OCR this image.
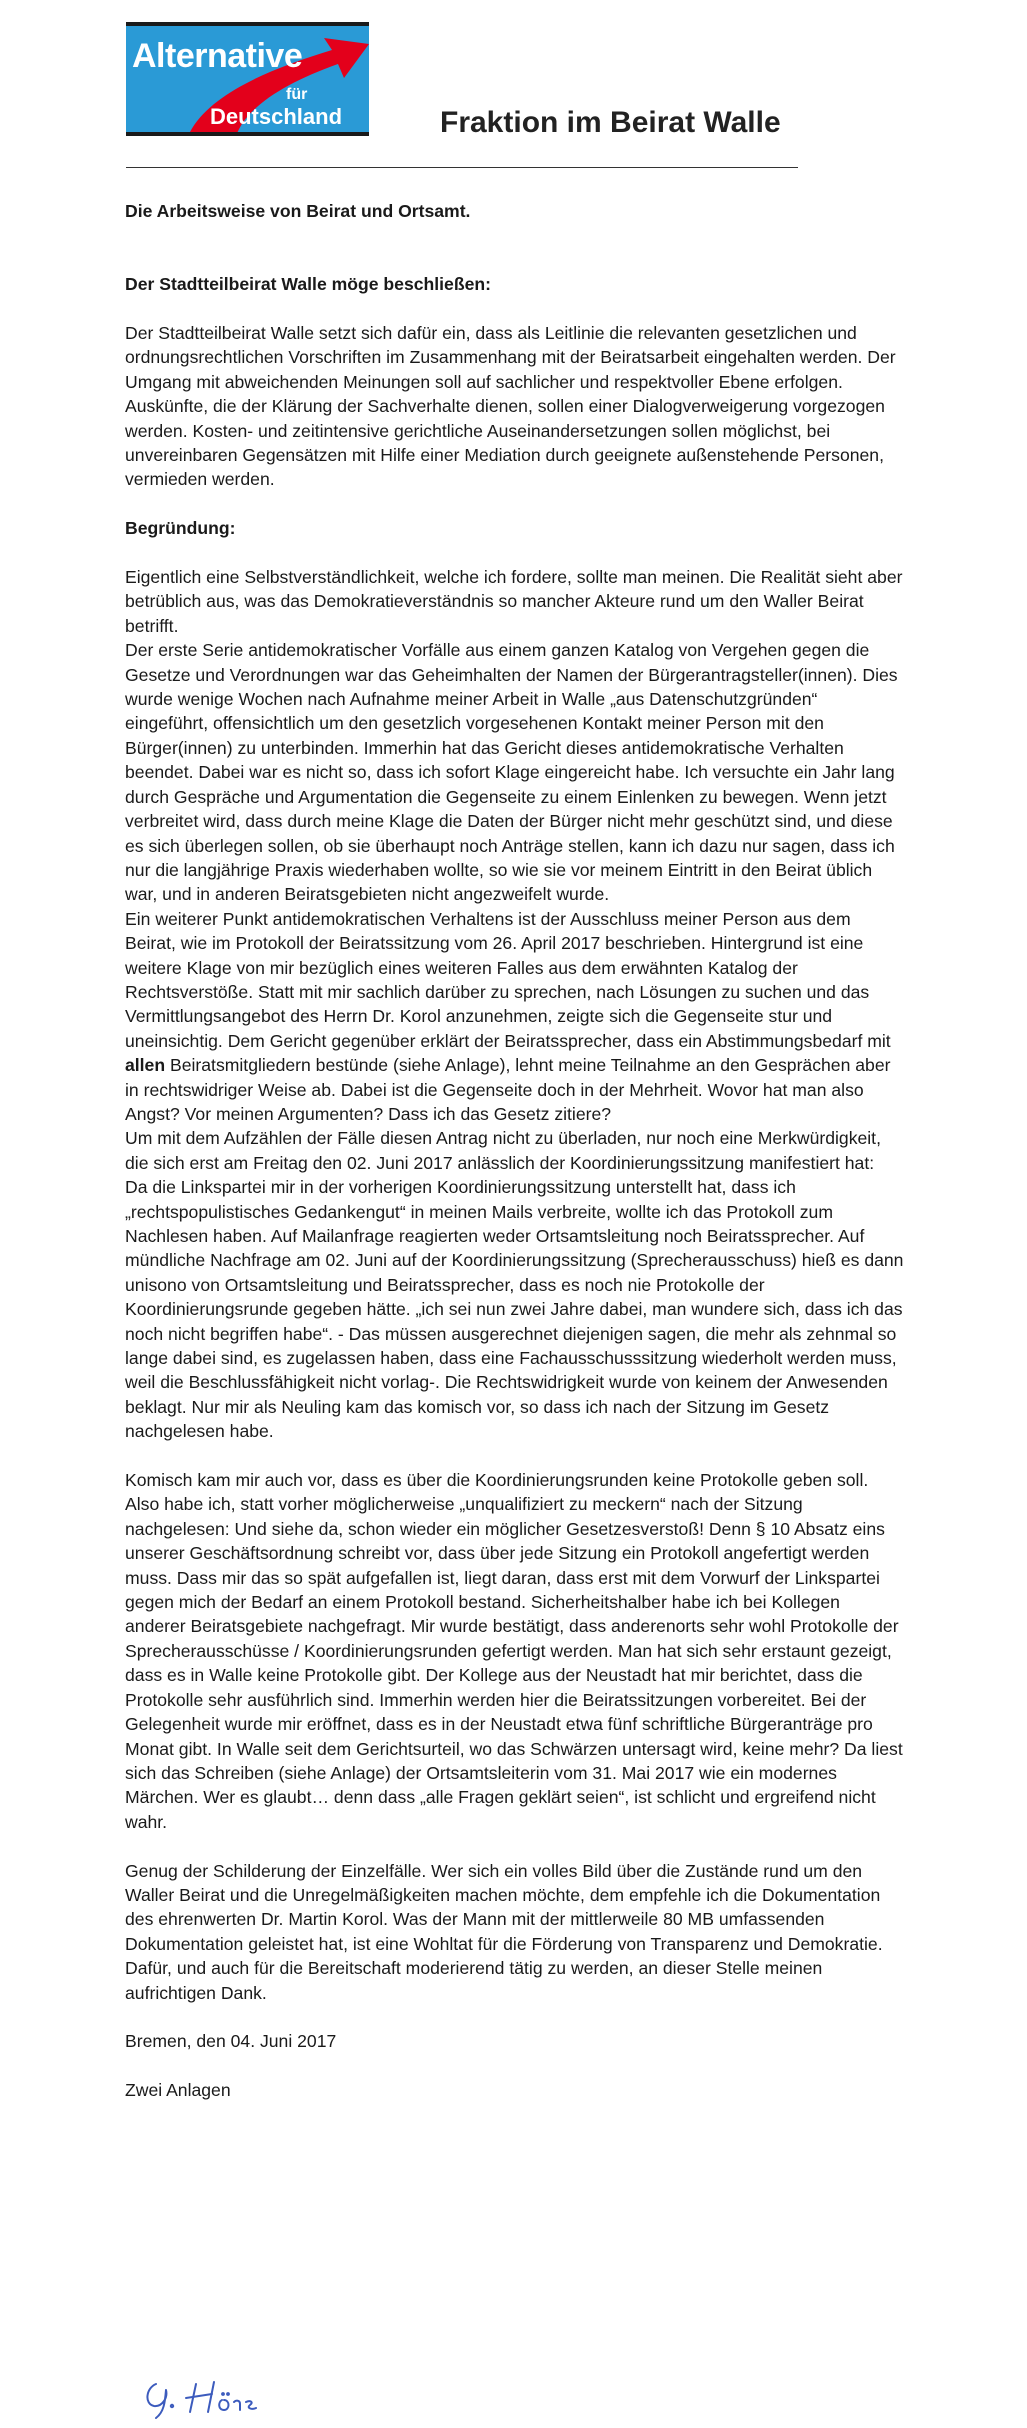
Alternative
für
Deutschland	Fraktion im Beirat Walle

Die Arbeitsweise von Beirat und Ortsamt.

Der Stadtteilbeirat Walle möge beschließen:

Der Stadtteilbeirat Walle setzt sich dafür ein, dass als Leitlinie die relevanten gesetzlichen und ordnungsrechtlichen Vorschriften im Zusammenhang mit der Beiratsarbeit eingehalten werden. Der Umgang mit abweichenden Meinungen soll auf sachlicher und respektvoller Ebene erfolgen. Auskünfte, die der Klärung der Sachverhalte dienen, sollen einer Dialogverweigerung vorgezogen werden. Kosten- und zeitintensive gerichtliche Auseinandersetzungen sollen möglichst, bei unvereinbaren Gegensätzen mit Hilfe einer Mediation durch geeignete außenstehende Personen, vermieden werden.

Begründung:

Eigentlich eine Selbstverständlichkeit, welche ich fordere, sollte man meinen. Die Realität sieht aber betrüblich aus, was das Demokratieverständnis so mancher Akteure rund um den Waller Beirat betrifft.

Der erste Serie antidemokratischer Vorfälle aus einem ganzen Katalog von Vergehen gegen die Gesetze und Verordnungen war das Geheimhalten der Namen der Bürgerantragsteller(innen). Dies wurde wenige Wochen nach Aufnahme meiner Arbeit in Walle „aus Datenschutzgründen“ eingeführt, offensichtlich um den gesetzlich vorgesehenen Kontakt meiner Person mit den Bürger(innen) zu unterbinden. Immerhin hat das Gericht dieses antidemokratische Verhalten beendet. Dabei war es nicht so, dass ich sofort Klage eingereicht habe. Ich versuchte ein Jahr lang durch Gespräche und Argumentation die Gegenseite zu einem Einlenken zu bewegen. Wenn jetzt verbreitet wird, dass durch meine Klage die Daten der Bürger nicht mehr geschützt sind, und diese es sich überlegen sollen, ob sie überhaupt noch Anträge stellen, kann ich dazu nur sagen, dass ich nur die langjährige Praxis wiederhaben wollte, so wie sie vor meinem Eintritt in den Beirat üblich war, und in anderen Beiratsgebieten nicht angezweifelt wurde.

Ein weiterer Punkt antidemokratischen Verhaltens ist der Ausschluss meiner Person aus dem Beirat, wie im Protokoll der Beiratssitzung vom 26. April 2017 beschrieben. Hintergrund ist eine weitere Klage von mir bezüglich eines weiteren Falles aus dem erwähnten Katalog der Rechtsverstöße. Statt mit mir sachlich darüber zu sprechen, nach Lösungen zu suchen und das Vermittlungsangebot des Herrn Dr. Korol anzunehmen, zeigte sich die Gegenseite stur und uneinsichtig. Dem Gericht gegenüber erklärt der Beiratssprecher, dass ein Abstimmungsbedarf mit allen Beiratsmitgliedern bestünde (siehe Anlage), lehnt meine Teilnahme an den Gesprächen aber in rechtswidriger Weise ab. Dabei ist die Gegenseite doch in der Mehrheit. Wovor hat man also Angst? Vor meinen Argumenten? Dass ich das Gesetz zitiere?

Um mit dem Aufzählen der Fälle diesen Antrag nicht zu überladen, nur noch eine Merkwürdigkeit, die sich erst am Freitag den 02. Juni 2017 anlässlich der Koordinierungssitzung manifestiert hat:

Da die Linkspartei mir in der vorherigen Koordinierungssitzung unterstellt hat, dass ich „rechtspopulistisches Gedankengut“ in meinen Mails verbreite, wollte ich das Protokoll zum Nachlesen haben. Auf Mailanfrage reagierten weder Ortsamtsleitung noch Beiratssprecher. Auf mündliche Nachfrage am 02. Juni auf der Koordinierungssitzung (Sprecherausschuss) hieß es dann unisono von Ortsamtsleitung und Beiratssprecher, dass es noch nie Protokolle der Koordinierungsrunde gegeben hätte. „ich sei nun zwei Jahre dabei, man wundere sich, dass ich das noch nicht begriffen habe“. - Das müssen ausgerechnet diejenigen sagen, die mehr als zehnmal so lange dabei sind, es zugelassen haben, dass eine Fachausschusssitzung wiederholt werden muss, weil die Beschlussfähigkeit nicht vorlag-. Die Rechtswidrigkeit wurde von keinem der Anwesenden beklagt. Nur mir als Neuling kam das komisch vor, so dass ich nach der Sitzung im Gesetz nachgelesen habe.

Komisch kam mir auch vor, dass es über die Koordinierungsrunden keine Protokolle geben soll. Also habe ich, statt vorher möglicherweise „unqualifiziert zu meckern“ nach der Sitzung nachgelesen: Und siehe da, schon wieder ein möglicher Gesetzesverstoß! Denn § 10 Absatz eins unserer Geschäftsordnung schreibt vor, dass über jede Sitzung ein Protokoll angefertigt werden muss. Dass mir das so spät aufgefallen ist, liegt daran, dass erst mit dem Vorwurf der Linkspartei gegen mich der Bedarf an einem Protokoll bestand. Sicherheitshalber habe ich bei Kollegen anderer Beiratsgebiete nachgefragt. Mir wurde bestätigt, dass anderenorts sehr wohl Protokolle der Sprecherausschüsse / Koordinierungsrunden gefertigt werden. Man hat sich sehr erstaunt gezeigt, dass es in Walle keine Protokolle gibt. Der Kollege aus der Neustadt hat mir berichtet, dass die Protokolle sehr ausführlich sind. Immerhin werden hier die Beiratssitzungen vorbereitet. Bei der Gelegenheit wurde mir eröffnet, dass es in der Neustadt etwa fünf schriftliche Bürgeranträge pro Monat gibt. In Walle seit dem Gerichtsurteil, wo das Schwärzen untersagt wird, keine mehr? Da liest sich das Schreiben (siehe Anlage) der Ortsamtsleiterin vom 31. Mai 2017 wie ein modernes Märchen. Wer es glaubt… denn dass „alle Fragen geklärt seien“, ist schlicht und ergreifend nicht wahr.

Genug der Schilderung der Einzelfälle. Wer sich ein volles Bild über die Zustände rund um den Waller Beirat und die Unregelmäßigkeiten machen möchte, dem empfehle ich die Dokumentation des ehrenwerten Dr. Martin Korol. Was der Mann mit der mittlerweile 80 MB umfassenden Dokumentation geleistet hat, ist eine Wohltat für die Förderung von Transparenz und Demokratie. Dafür, und auch für die Bereitschaft moderierend tätig zu werden, an dieser Stelle meinen aufrichtigen Dank.

Bremen, den 04. Juni 2017

Zwei Anlagen
